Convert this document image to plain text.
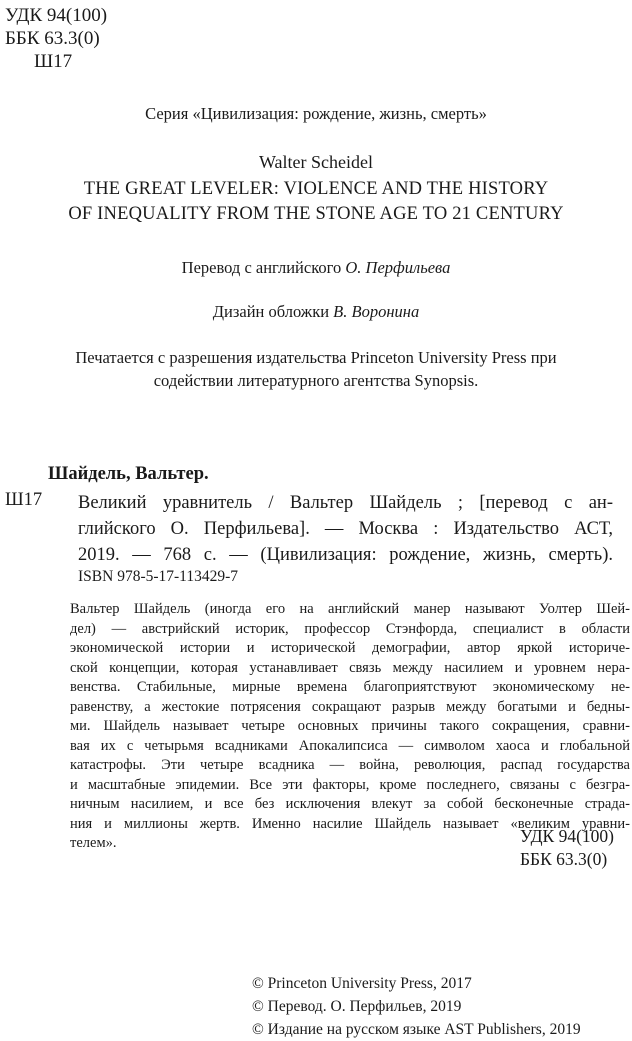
УДК 94(100)
ББК 63.3(0)
Ш17
Серия «Цивилизация: рождение, жизнь, смерть»
Walter Scheidel
THE GREAT LEVELER: VIOLENCE AND THE HISTORY
OF INEQUALITY FROM THE STONE AGE TO 21 CENTURY
Перевод с английского О. Перфильева
Дизайн обложки В. Воронина
Печатается с разрешения издательства Princeton University Press при
содействии литературного агентства Synopsis.
Шайдель, Вальтер.
Ш17 Великий уравнитель / Вальтер Шайдель ; [перевод с ан-
глийского О. Перфильева]. — Москва : Издательство АСТ,
2019. — 768 с. — (Цивилизация: рождение, жизнь, смерть).
ISBN 978-5-17-113429-7
Вальтер Шайдель (иногда его на английский манер называют Уолтер Шей-
дел) — австрийский историк, профессор Стэнфорда, специалист в области
экономической истории и исторической демографии, автор яркой историче-
ской концепции, которая устанавливает связь между насилием и уровнем нера-
венства. Стабильные, мирные времена благоприятствуют экономическому не-
равенству, а жестокие потрясения сокращают разрыв между богатыми и бедны-
ми. Шайдель называет четыре основных причины такого сокращения, сравни-
вая их с четырьмя всадниками Апокалипсиса — символом хаоса и глобальной
катастрофы. Эти четыре всадника — война, революция, распад государства
и масштабные эпидемии. Все эти факторы, кроме последнего, связаны с безгра-
ничным насилием, и все без исключения влекут за собой бесконечные страда-
ния и миллионы жертв. Именно насилие Шайдель называет «великим уравни-
телем».	УДК 94(100)
ББК 63.3(0)
© Princeton University Press, 2017
© Перевод. О. Перфильев, 2019
© Издание на русском языке AST Publishers, 2019
